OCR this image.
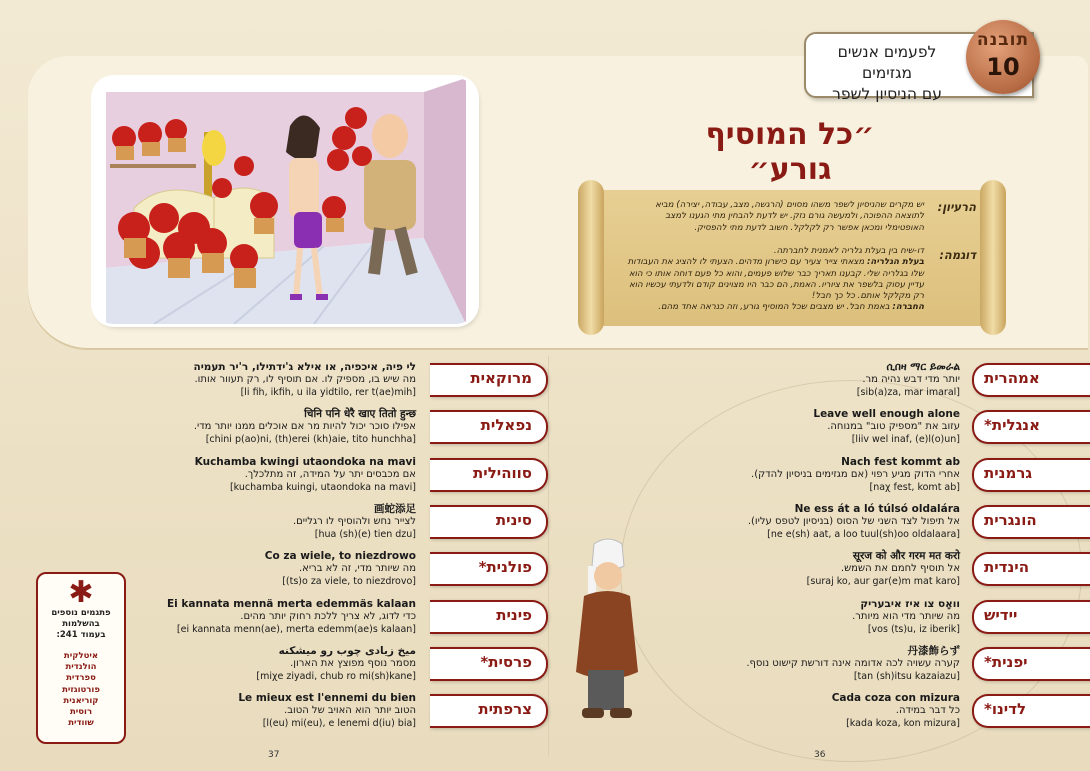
לפעמים אנשים מגזימים
עם הניסיון לשפר
תובנה
10
״כל המוסיף גורע״
הרעיון:
יש מקרים שהניסיון לשפר משהו מסוים (הרגשה, מצב, עבודה, יצירה) מביא לתוצאה ההפוכה, ולמעשה גורם נזק. יש לדעת להבחין מתי הגענו למצב האופטימלי ומכאן אפשר רק לקלקל. חשוב לדעת מתי להפסיק.
דוגמה:
דו-שיח בין בעלת גלריה לאמנית לחברתה.
בעלת הגלריה: מצאתי צייר צעיר עם כישרון מדהים. הצעתי לו להציג את העבודות שלו בגלריה שלי. קבענו תאריך כבר שלוש פעמים, והוא כל פעם דוחה אותו כי הוא עדיין עסוק בלשפר את ציוריו. האמת, הם כבר היו מצוינים קודם ולדעתי עכשיו הוא רק מקלקל אותם. כל כך חבל!
החברה: באמת חבל. יש מצבים שכל המוסיף גורע, וזה כנראה אחד מהם.
ሲበዛ ማር ይመራል
יותר מדי דבש נהיה מר.
[sib(a)za, mar imaral]
אמהרית
Leave well enough alone
עזוב את "מספיק טוב" במנוחה.
[liiv wel inaf, (e)l(o)un]
אנגלית*
Nach fest kommt ab
אחרי הדוק מגיע רפוי (אם מגזימים בניסיון להדק).
[naχ fest, komt ab]
גרמנית
Ne ess át a ló túlsó oldalára
אל תיפול לצד השני של הסוס (בניסיון לטפס עליו).
[ne e(sh) aat, a loo tuul(sh)oo oldalaara]
הונגרית
सूरज को और गरम मत करो
אל תוסיף לחמם את השמש.
[suraj ko, aur gar(e)m mat karo]
הינדית
וואָס צו איז איבעריק
מה שיותר מדי הוא מיותר.
[vos (ts)u, iz iberik]
יידיש
丹漆飾らず
קערה עשויה לכה אדומה אינה דורשת קישוט נוסף.
[tan (sh)itsu kazaiazu]
יפנית*
Cada coza con mizura
כל דבר במידה.
[kada koza, kon mizura]
לדינו*
לי פיה, איכפיה, או אילא ג'ידתילו, ר'יר תעמיה
מה שיש בו, מספיק לו. אם תוסיף לו, רק תעוור אותו.
[li fih, ikfih, u ila yidtilo, rer t(ae)mih]
מרוקאית
चिनि पनि धेरै खाए तितो हुन्छ
אפילו סוכר יכול להיות מר אם אוכלים ממנו יותר מדי.
[chini p(ao)ni, (th)erei (kh)aie, tito hunchha]
נפאלית
Kuchamba kwingi utaondoka na mavi
אם מכבסים יתר על המידה, זה מתלכלך.
[kuchamba kuingi, utaondoka na mavi]
סווהילית
画蛇添足
לצייר נחש ולהוסיף לו רגליים.
[hua (sh)(e) tien dzu]
סינית
Co za wiele, to niezdrowo
מה שיותר מדי, זה לא בריא.
[(ts)o za viele, to niezdrovo]
פולנית*
Ei kannata mennä merta edemmäs kalaan
כדי לדוג, לא צריך ללכת רחוק יותר מהים.
[ei kannata menn(ae), merta edemm(ae)s kalaan]
פינית
میخ زیادی چوب رو میشکنه
מסמר נוסף מפוצץ את הארון.
[miχe ziyadi, chub ro mi(sh)kane]
פרסית*
Le mieux est l'ennemi du bien
הטוב יותר הוא האויב של הטוב.
[l(eu) mi(eu), e lenemi d(iu) bia]
צרפתית
✱
פתגמים נוספים
בהשלמות
בעמוד 241:
איטלקית
הולנדית
ספרדית
פורטוגזית
קוריאנית
רוסית
שוודית
37	36
